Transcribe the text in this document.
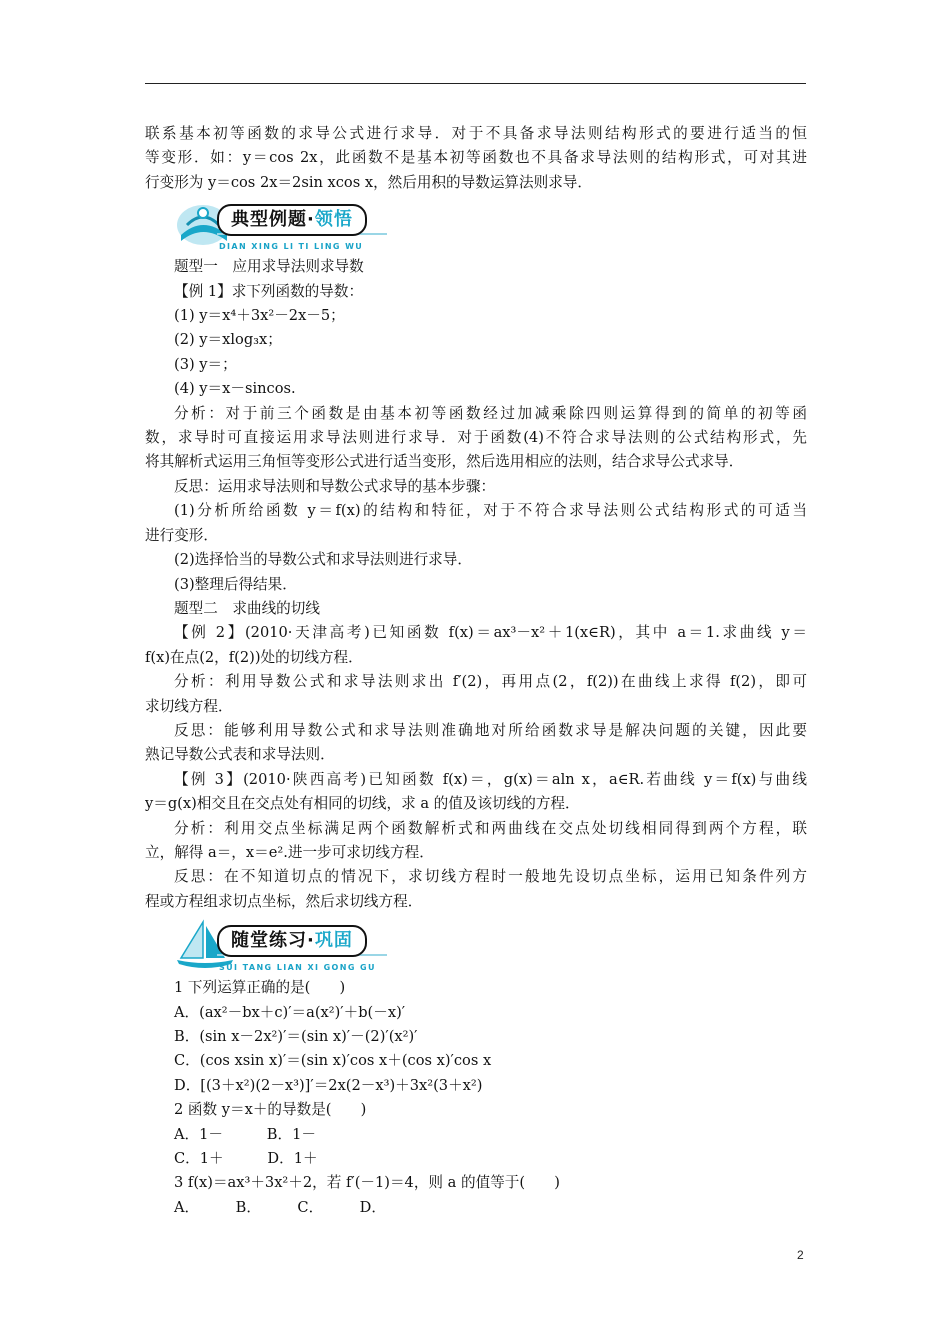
联系基本初等函数的求导公式进行求导．对于不具备求导法则结构形式的要进行适当的恒

等变形．如：y＝cos 2x，此函数不是基本初等函数也不具备求导法则的结构形式，可对其进

行变形为 y＝cos 2x＝2sin xcos x，然后用积的导数运算法则求导．

典型例题·领悟
DIAN XING LI TI LING WU

题型一　应用求导法则求导数

【例 1】求下列函数的导数：

(1) y＝x⁴＋3x²－2x－5；

(2) y＝xlog₃x；

(3) y＝；

(4) y＝x－sincos.

分析：对于前三个函数是由基本初等函数经过加减乘除四则运算得到的简单的初等函

数，求导时可直接运用求导法则进行求导．对于函数(4)不符合求导法则的公式结构形式，先

将其解析式运用三角恒等变形公式进行适当变形，然后选用相应的法则，结合求导公式求导．

反思：运用求导法则和导数公式求导的基本步骤：

(1)分析所给函数 y＝f(x)的结构和特征，对于不符合求导法则公式结构形式的可适当

进行变形．

(2)选择恰当的导数公式和求导法则进行求导．

(3)整理后得结果．

题型二　求曲线的切线

【例 2】(2010·天津高考)已知函数 f(x)＝ax³－x²＋1(x∈R)，其中 a＝1.求曲线 y＝

f(x)在点(2，f(2))处的切线方程．

分析：利用导数公式和求导法则求出 f′(2)，再用点(2，f(2))在曲线上求得 f(2)，即可

求切线方程．

反思：能够利用导数公式和求导法则准确地对所给函数求导是解决问题的关键，因此要

熟记导数公式表和求导法则．

【例 3】(2010·陕西高考)已知函数 f(x)＝，g(x)＝aln x，a∈R.若曲线 y＝f(x)与曲线

y＝g(x)相交且在交点处有相同的切线，求 a 的值及该切线的方程．

分析：利用交点坐标满足两个函数解析式和两曲线在交点处切线相同得到两个方程，联

立，解得 a＝，x＝e².进一步可求切线方程．

反思：在不知道切点的情况下，求切线方程时一般地先设切点坐标，运用已知条件列方

程或方程组求切点坐标，然后求切线方程．

随堂练习·巩固
SUI TANG LIAN XI GONG GU

1 下列运算正确的是(　　)

A．(ax²－bx＋c)′＝a(x²)′＋b(－x)′

B．(sin x－2x²)′＝(sin x)′－(2)′(x²)′

C．(cos xsin x)′＝(sin x)′cos x＋(cos x)′cos x

D．[(3＋x²)(2－x³)]′＝2x(2－x³)＋3x²(3＋x²)

2 函数 y＝x＋的导数是(　　)

A．1－　　　B．1－

C．1＋　　　D．1＋

3 f(x)＝ax³＋3x²＋2，若 f′(－1)＝4，则 a 的值等于(　　)

A．　　　B．　　　C．　　　D．

2
